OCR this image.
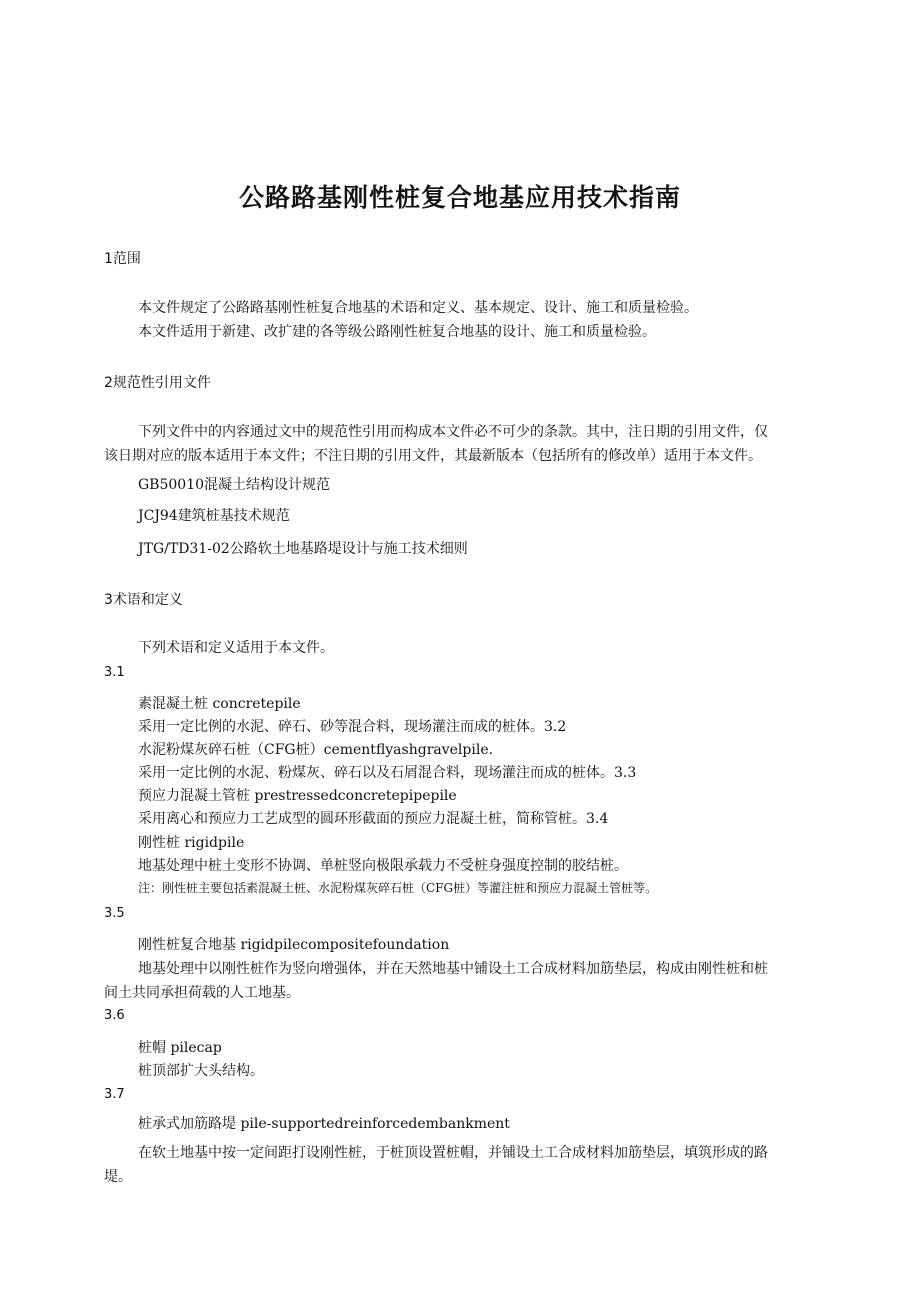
公路路基刚性桩复合地基应用技术指南
1范围

本文件规定了公路路基刚性桩复合地基的术语和定义、基本规定、设计、施工和质量检验。

本文件适用于新建、改扩建的各等级公路刚性桩复合地基的设计、施工和质量检验。

2规范性引用文件

下列文件中的内容通过文中的规范性引用而构成本文件必不可少的条款。其中，注日期的引用文件，仅

该日期对应的版本适用于本文件；不注日期的引用文件，其最新版本（包括所有的修改单）适用于本文件。

GB50010混凝土结构设计规范

JCJ94建筑桩基技术规范

JTG/TD31-02公路软土地基路堤设计与施工技术细则

3术语和定义

下列术语和定义适用于本文件。

3.1

素混凝土桩 concretepile

采用一定比例的水泥、碎石、砂等混合料，现场灌注而成的桩体。3.2

水泥粉煤灰碎石桩（CFG桩）cementflyashgravelpile.

采用一定比例的水泥、粉煤灰、碎石以及石屑混合料，现场灌注而成的桩体。3.3

预应力混凝土管桩 prestressedconcretepipepile

采用离心和预应力工艺成型的圆环形截面的预应力混凝土桩，简称管桩。3.4

刚性桩 rigidpile

地基处理中桩土变形不协调、单桩竖向极限承载力不受桩身强度控制的胶结桩。

注：刚性桩主要包括素混凝土桩、水泥粉煤灰碎石桩（CFG桩）等灌注桩和预应力混凝土管桩等。

3.5

刚性桩复合地基 rigidpilecompositefoundation

地基处理中以刚性桩作为竖向增强体，并在天然地基中铺设土工合成材料加筋垫层，构成由刚性桩和桩

间土共同承担荷载的人工地基。

3.6

桩帽 pilecap

桩顶部扩大头结构。

3.7

桩承式加筋路堤 pile-supportedreinforcedembankment

在软土地基中按一定间距打设刚性桩，于桩顶设置桩帽，并铺设土工合成材料加筋垫层，填筑形成的路

堤。
